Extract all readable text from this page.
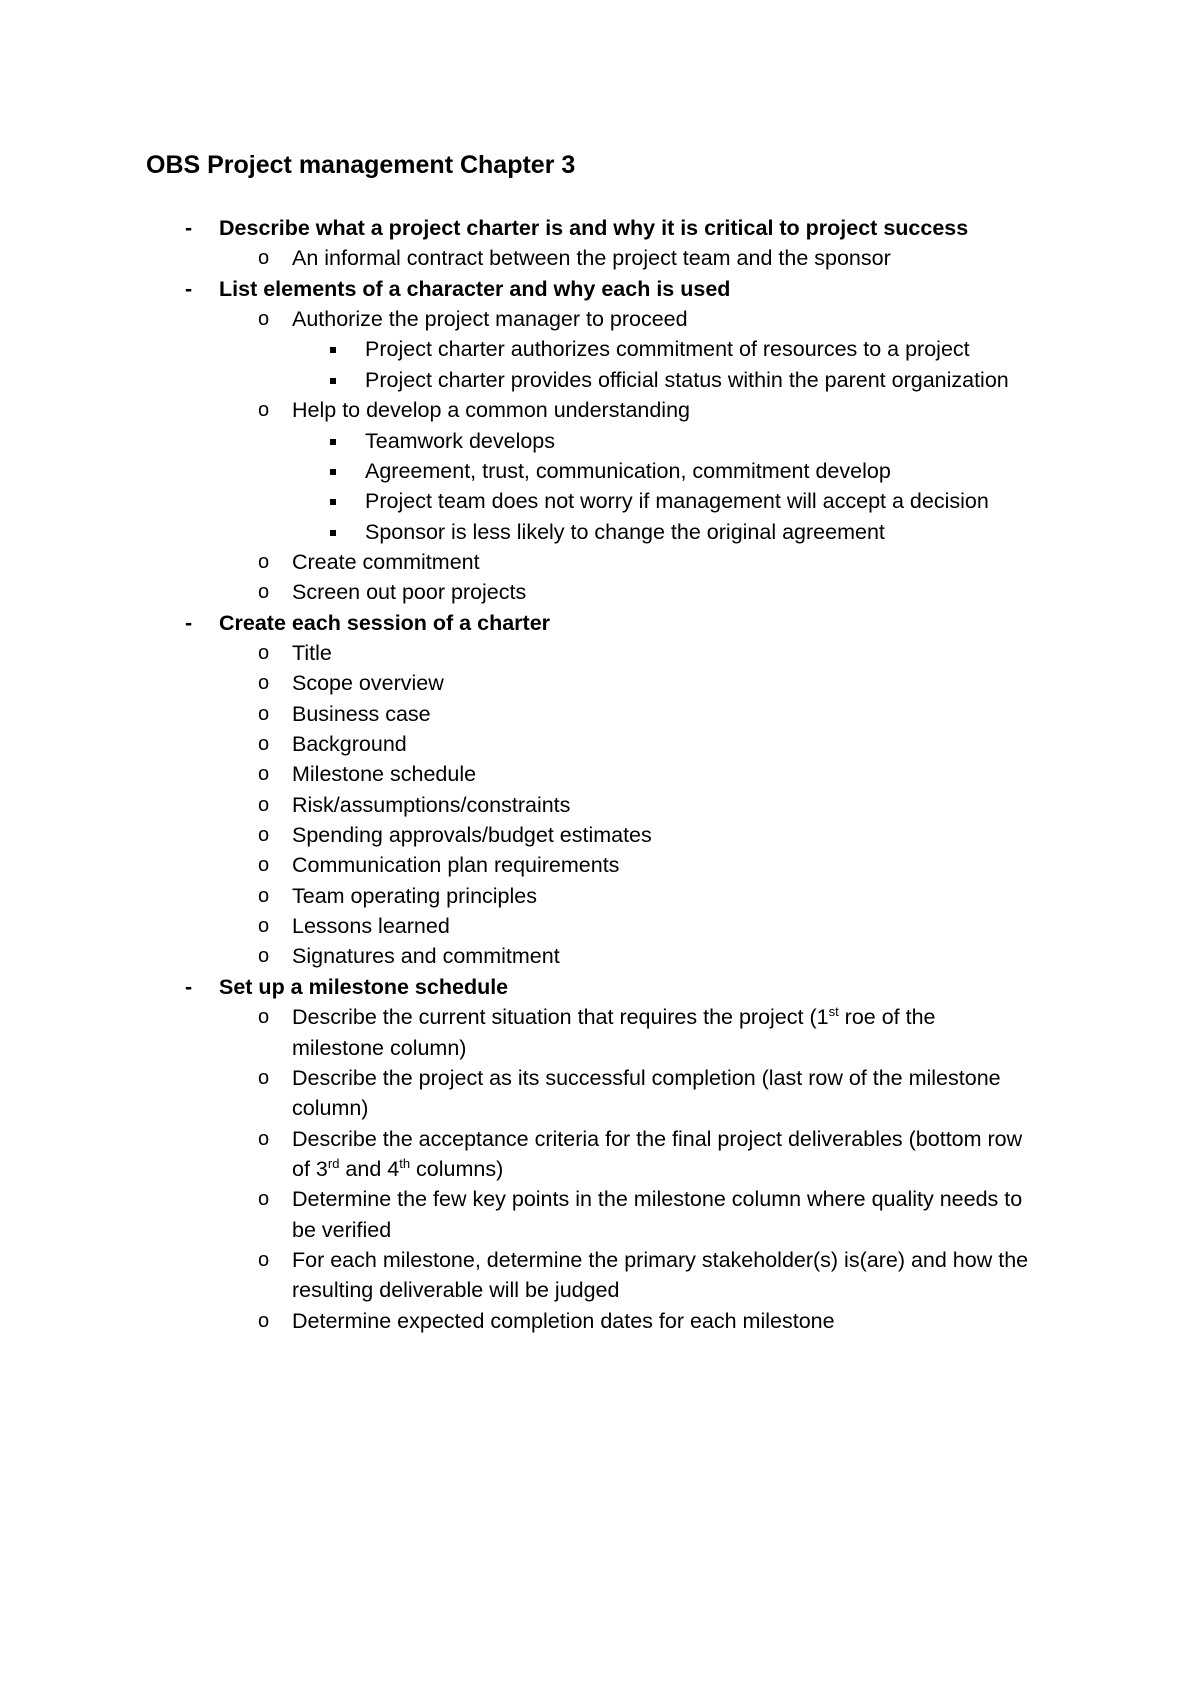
OBS Project management Chapter 3
- Describe what a project charter is and why it is critical to project success
o An informal contract between the project team and the sponsor
- List elements of a character and why each is used
o Authorize the project manager to proceed
Project charter authorizes commitment of resources to a project
Project charter provides official status within the parent organization
o Help to develop a common understanding
Teamwork develops
Agreement, trust, communication, commitment develop
Project team does not worry if management will accept a decision
Sponsor is less likely to change the original agreement
o Create commitment
o Screen out poor projects
- Create each session of a charter
o Title
o Scope overview
o Business case
o Background
o Milestone schedule
o Risk/assumptions/constraints
o Spending approvals/budget estimates
o Communication plan requirements
o Team operating principles
o Lessons learned
o Signatures and commitment
- Set up a milestone schedule
o Describe the current situation that requires the project (1st roe of the
milestone column)
o Describe the project as its successful completion (last row of the milestone
column)
o Describe the acceptance criteria for the final project deliverables (bottom row
of 3rd and 4th columns)
o Determine the few key points in the milestone column where quality needs to
be verified
o For each milestone, determine the primary stakeholder(s) is(are) and how the
resulting deliverable will be judged
o Determine expected completion dates for each milestone
